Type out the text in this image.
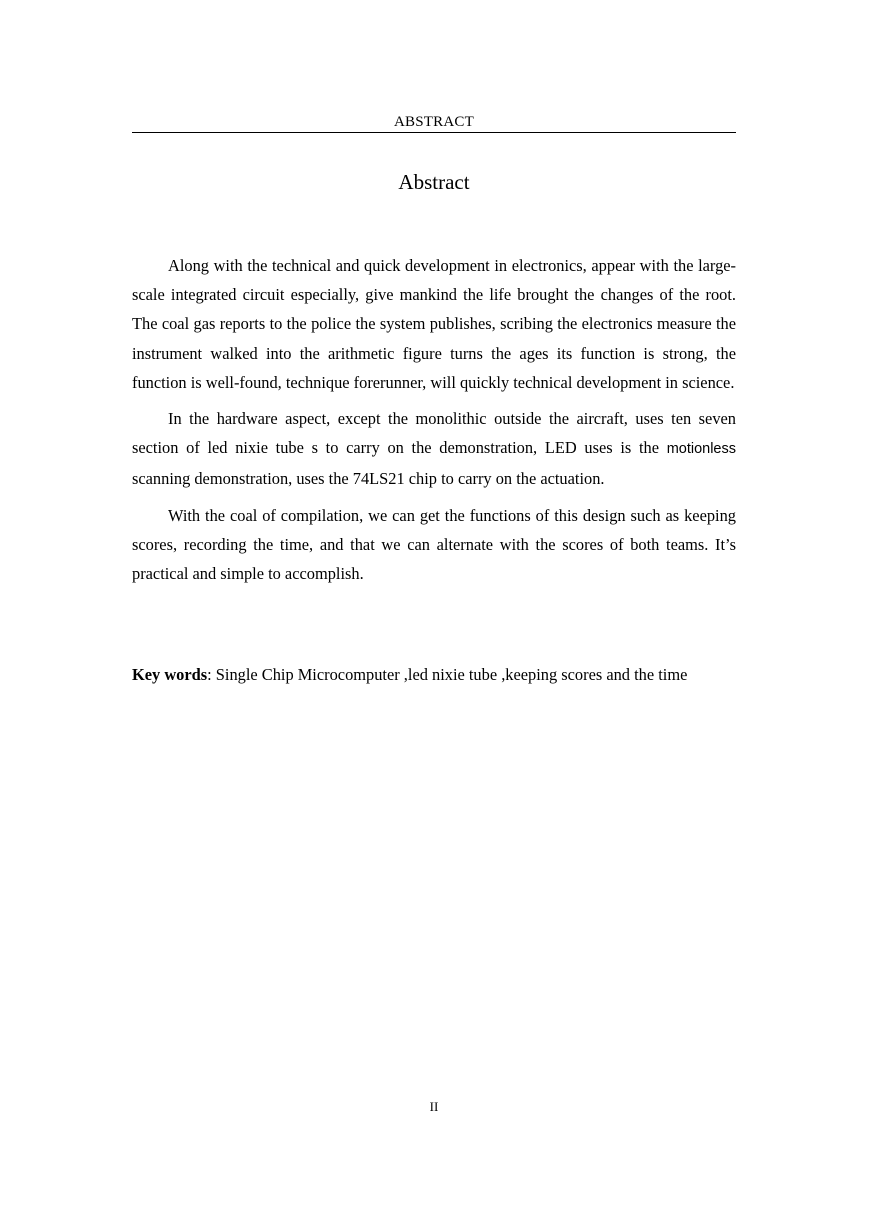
ABSTRACT
Abstract

Along with the technical and quick development in electronics, appear with the large-scale integrated circuit especially, give mankind the life brought the changes of the root. The coal gas reports to the police the system publishes, scribing the electronics measure the instrument walked into the arithmetic figure turns the ages its function is strong, the function is well-found, technique forerunner, will quickly technical development in science.

In the hardware aspect, except the monolithic outside the aircraft, uses ten seven section of led nixie tube s to carry on the demonstration, LED uses is the motionless scanning demonstration, uses the 74LS21 chip to carry on the actuation.

With the coal of compilation, we can get the functions of this design such as keeping scores, recording the time, and that we can alternate with the scores of both teams. It’s practical and simple to accomplish.

Key words: Single Chip Microcomputer ,led nixie tube ,keeping scores and the time
II
